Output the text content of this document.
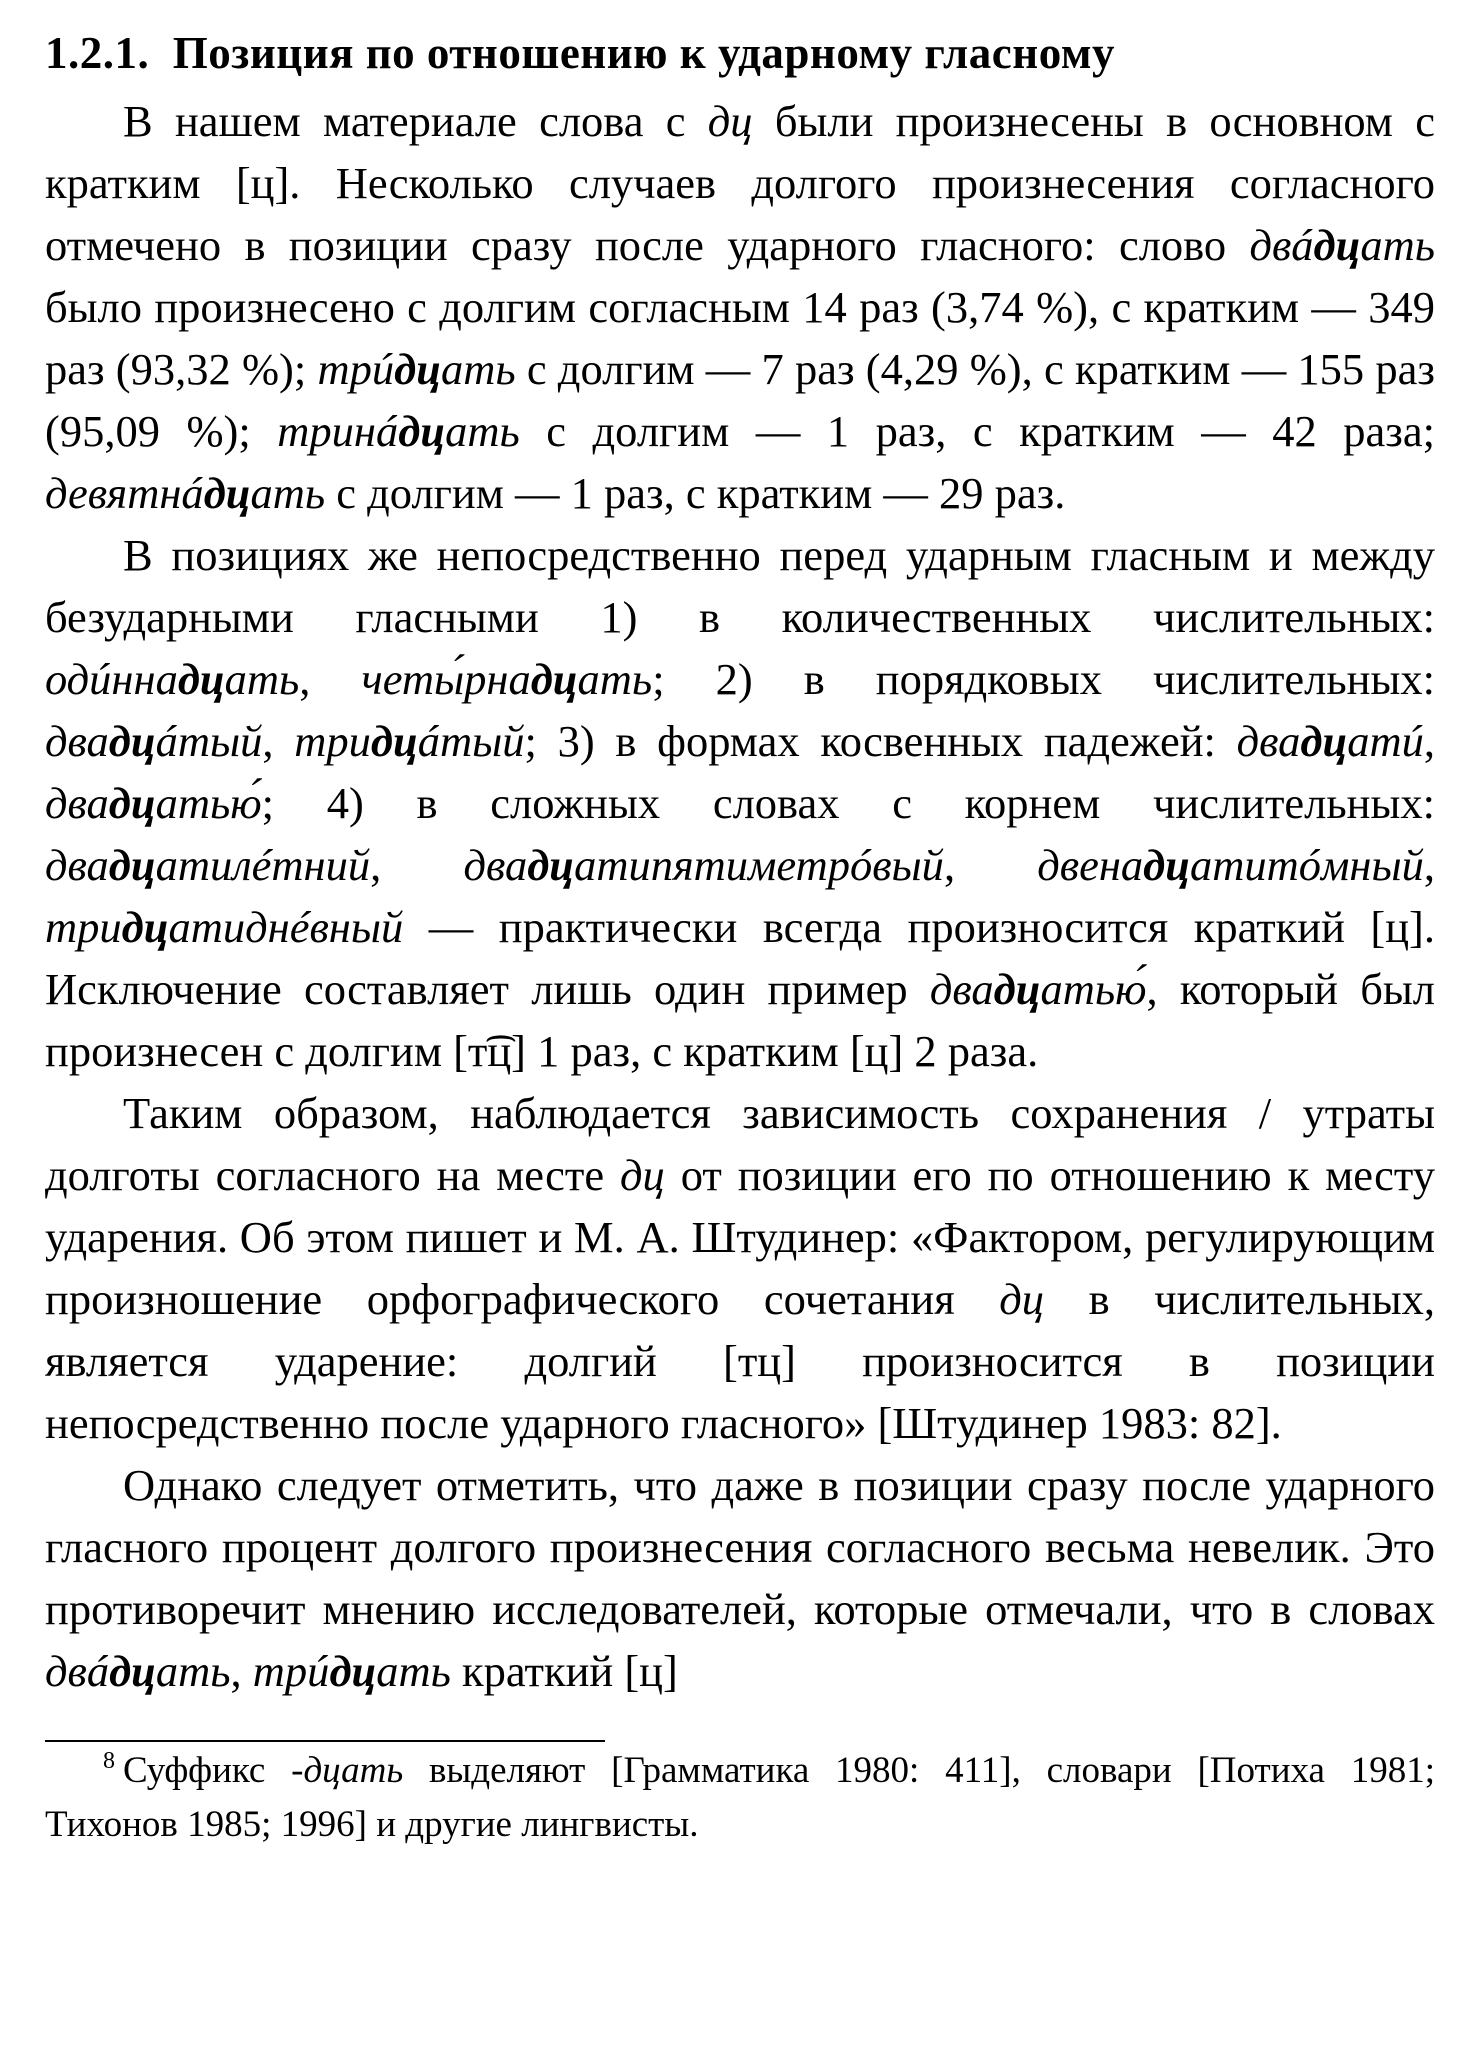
1.2.1. Позиция по отношению к ударному гласному

В нашем материале слова с дц были произнесены в основном с кратким [ц]. Несколько случаев долгого произнесения согласного отмечено в позиции сразу после ударного гласного: слово двáдцать было произнесено с долгим согласным 14 раз (3,74 %), с кратким — 349 раз (93,32 %); трúдцать с долгим — 7 раз (4,29 %), с кратким — 155 раз (95,09 %); тринáдцать с долгим — 1 раз, с кратким — 42 раза; девятнáдцать с долгим — 1 раз, с кратким — 29 раз.

В позициях же непосредственно перед ударным гласным и между безударными гласными 1) в количественных числительных: одúннадцать, четы́рнадцать; 2) в порядковых числительных: двадцáтый, тридцáтый; 3) в формах косвенных падежей: двадцатú, двадцатью́; 4) в сложных словах с корнем числительных: двадцатилéтний, двадцатипятиметрóвый, двенадцатитóмный, тридцатиднéвный — практически всегда произносится краткий [ц]. Исключение составляет лишь один пример двадцатью́, который был произнесен с долгим [т͡ц] 1 раз, с кратким [ц] 2 раза.

Таким образом, наблюдается зависимость сохранения / утраты долготы согласного на месте дц от позиции его по отношению к месту ударения. Об этом пишет и М. А. Штудинер: «Фактором, регулирующим произношение орфографического сочетания дц в числительных, является ударение: долгий [тц] произносится в позиции непосредственно после ударного гласного» [Штудинер 1983: 82].

Однако следует отметить, что даже в позиции сразу после ударного гласного процент долгого произнесения согласного весьма невелик. Это противоречит мнению исследователей, которые отмечали, что в словах двáдцать, трúдцать краткий [ц]

$^8$ Суффикс -дцать выделяют [Грамматика 1980: 411], словари [Потиха 1981; Тихонов 1985; 1996] и другие лингвисты.
